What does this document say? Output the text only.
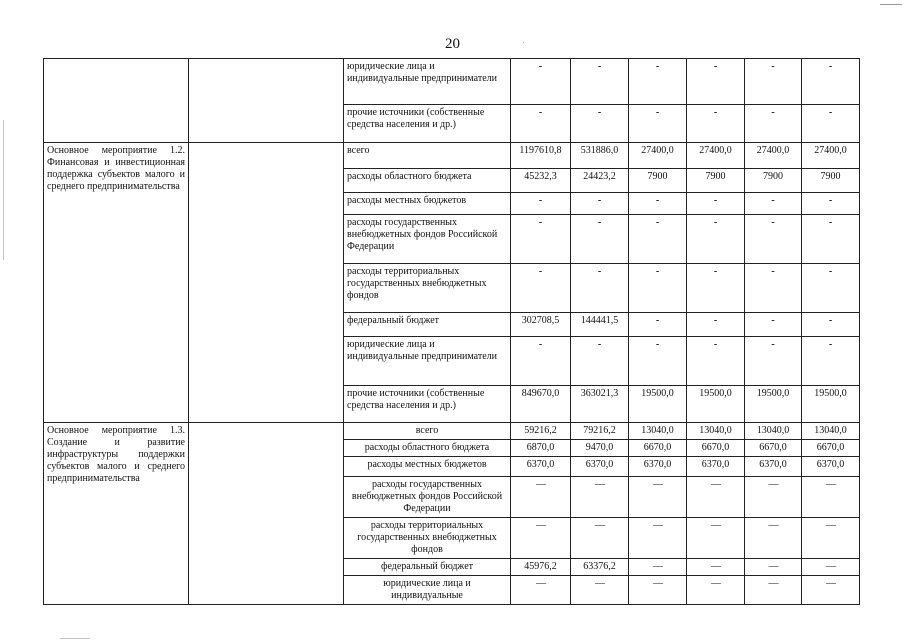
20
		юридические лица и индивидуальные предприниматели	-	-	-	-	-	-
		прочие источники (собственные средства населения и др.)	-	-	-	-	-	-
Основное мероприятие 1.2. Финансовая и инвестиционная поддержка субъектов малого и среднего предпринимательства		всего	1197610,8	531886,0	27400,0	27400,0	27400,0	27400,0
		расходы областного бюджета	45232,3	24423,2	7900	7900	7900	7900
		расходы местных бюджетов	-	-	-	-	-	-
		расходы государственных внебюджетных фондов Российской Федерации	-	-	-	-	-	-
		расходы территориальных государственных внебюджетных фондов	-	-	-	-	-	-
		федеральный бюджет	302708,5	144441,5	-	-	-	-
		юридические лица и индивидуальные предприниматели	-	-	-	-	-	-
		прочие источники (собственные средства населения и др.)	849670,0	363021,3	19500,0	19500,0	19500,0	19500,0
Основное мероприятие 1.3. Создание и развитие инфраструктуры поддержки субъектов малого и среднего предпринимательства		всего	59216,2	79216,2	13040,0	13040,0	13040,0	13040,0
		расходы областного бюджета	6870,0	9470,0	6670,0	6670,0	6670,0	6670,0
		расходы местных бюджетов	6370,0	6370,0	6370,0	6370,0	6370,0	6370,0
		расходы государственных внебюджетных фондов Российской Федерации	—	—	—	—	—	—
		расходы территориальных государственных внебюджетных фондов	—	—	—	—	—	—
		федеральный бюджет	45976,2	63376,2	—	—	—	—
		юридические лица и индивидуальные	—	—	—	—	—	—
